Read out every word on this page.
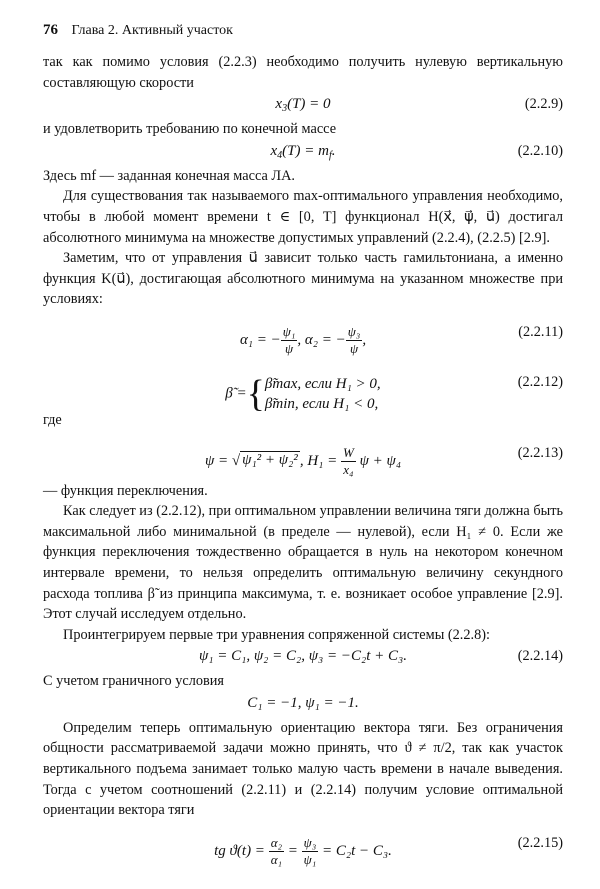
76 Глава 2. Активный участок

так как помимо условия (2.2.3) необходимо получить нулевую вертикальную составляющую скорости

$x_3(T) = 0$	(2.2.9)

и удовлетворить требованию по конечной массе

$x_4(T) = m_f$.	(2.2.10)

Здесь mf — заданная конечная масса ЛА.

Для существования так называемого max-оптимального управления необходимо, чтобы в любой момент времени t ∈ [0, T] функционал H(x⃗, ψ⃗, u⃗) достигал абсолютного минимума на множестве допустимых управлений (2.2.4), (2.2.5) [2.9].

Заметим, что от управления u⃗ зависит только часть гамильтониана, а именно функция K(u⃗), достигающая абсолютного минимума на указанном множестве при условиях:

α₁ = − $\frac{\text{ψ₁}}{\psi}$ , α₂ = − $\frac{\text{ψ₃}}{\psi}$ ,	(2.2.11)
β̃ ={ β̃max, если H₁ > 0,
β̃min, если H₁ < 0,
(2.2.12)

где

ψ = √ ψ₁² + ψ₂² , $H_1 = \frac{W}{\text{x₄}}$ ψ + ψ₄	(2.2.13)

— функция переключения.

Как следует из (2.2.12), при оптимальном управлении величина тяги должна быть максимальной либо минимальной (в пределе — нулевой), если H₁ ≠ 0. Если же функция переключения тождественно обращается в нуль на некотором конечном интервале времени, то нельзя определить оптимальную величину секундного расхода топлива β̃ из принципа максимума, т. е. возникает особое управление [2.9]. Этот случай исследуем отдельно.

Проинтегрируем первые три уравнения сопряженной системы (2.2.8):

ψ₁ = C₁, ψ₂ = C₂, ψ₃ = −C₂t + C₃.	(2.2.14)

С учетом граничного условия

C₁ = −1, ψ₁ = −1.

Определим теперь оптимальную ориентацию вектора тяги. Без ограничения общности рассматриваемой задачи можно принять, что ϑ ≠ π/2, так как участок вертикального подъема занимает только малую часть времени в начале выведения. Тогда с учетом соотношений (2.2.11) и (2.2.14) получим условие оптимальной ориентации вектора тяги

tg $ϑ(t) = \frac{\text{α₂}}{\text{α₁}} = \frac{\text{ψ₃}}{\text{ψ₁}} = C_2t - C_3$.	(2.2.15)
